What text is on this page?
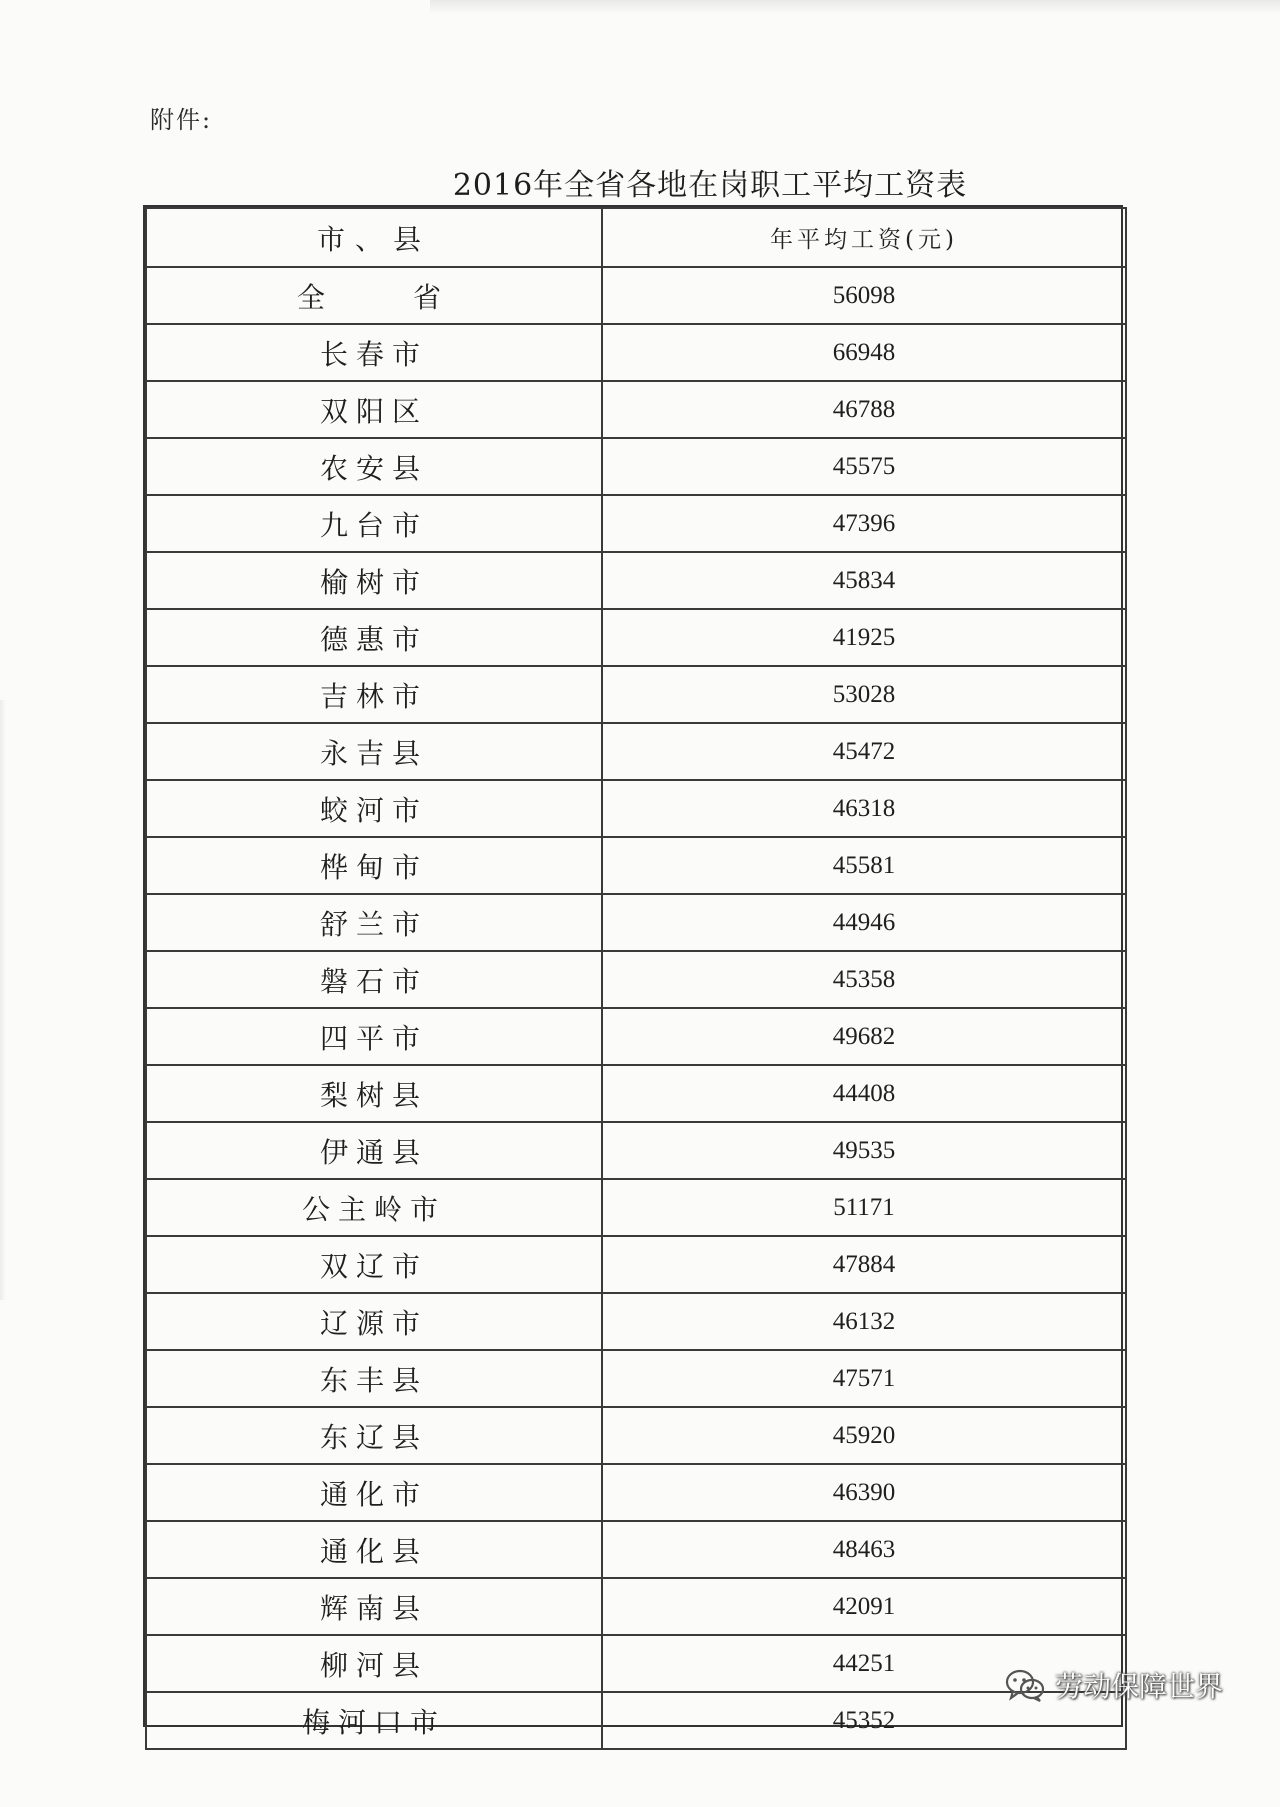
附件:
2016年全省各地在岗职工平均工资表
市、县	年平均工资(元)
全　省	56098
长春市	66948
双阳区	46788
农安县	45575
九台市	47396
榆树市	45834
德惠市	41925
吉林市	53028
永吉县	45472
蛟河市	46318
桦甸市	45581
舒兰市	44946
磐石市	45358
四平市	49682
梨树县	44408
伊通县	49535
公主岭市	51171
双辽市	47884
辽源市	46132
东丰县	47571
东辽县	45920
通化市	46390
通化县	48463
辉南县	42091
柳河县	44251
梅河口市	45352
劳动保障世界
